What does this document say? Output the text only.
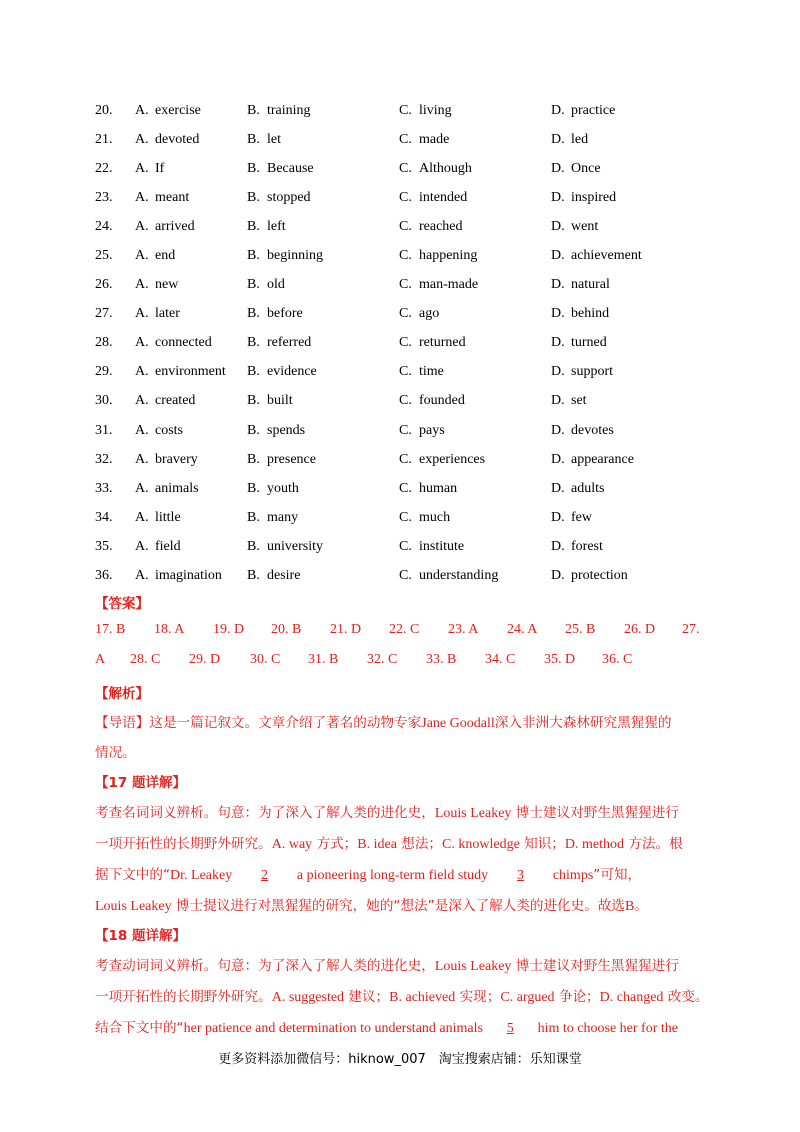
20. A. exercise	B. training	C. living	D. practice
21. A. devoted	B. let	C. made	D. led
22. A. If	B. Because	C. Although	D. Once
23. A. meant	B. stopped	C. intended	D. inspired
24. A. arrived	B. left	C. reached	D. went
25. A. end	B. beginning	C. happening	D. achievement
26. A. new	B. old	C. man-made	D. natural
27. A. later	B. before	C. ago	D. behind
28. A. connected	B. referred	C. returned	D. turned
29. A. environment	B. evidence	C. time	D. support
30. A. created	B. built	C. founded	D. set
31. A. costs	B. spends	C. pays	D. devotes
32. A. bravery	B. presence	C. experiences	D. appearance
33. A. animals	B. youth	C. human	D. adults
34. A. little	B. many	C. much	D. few
35. A. field	B. university	C. institute	D. forest
36. A. imagination	B. desire	C. understanding	D. protection
【答案】
17. B 18. A 19. D 20. B 21. D 22. C 23. A 24. A 25. B 26. D 27.
A 28. C 29. D 30. C 31. B 32. C 33. B 34. C 35. D 36. C
【解析】
【导语】这是一篇记叙文。文章介绍了著名的动物专家Jane Goodall深入非洲大森林研究黑猩猩的
情况。
【17 题详解】
考查名词词义辨析。句意：为了深入了解人类的进化史，Louis Leakey 博士建议对野生黑猩猩进行
一项开拓性的长期野外研究。A. way 方式；B. idea 想法；C. knowledge 知识；D. method 方法。根
据下文中的“Dr. Leakey 2 a pioneering long-term field study 3 chimps”可知，
Louis Leakey 博士提议进行对黑猩猩的研究，她的“想法”是深入了解人类的进化史。故选B。
【18 题详解】
考查动词词义辨析。句意：为了深入了解人类的进化史，Louis Leakey 博士建议对野生黑猩猩进行
一项开拓性的长期野外研究。A. suggested 建议；B. achieved 实现；C. argued 争论；D. changed 改变。
结合下文中的“her patience and determination to understand animals 5 him to choose her for the
更多资料添加微信号：hiknow_007　淘宝搜索店铺：乐知课堂
